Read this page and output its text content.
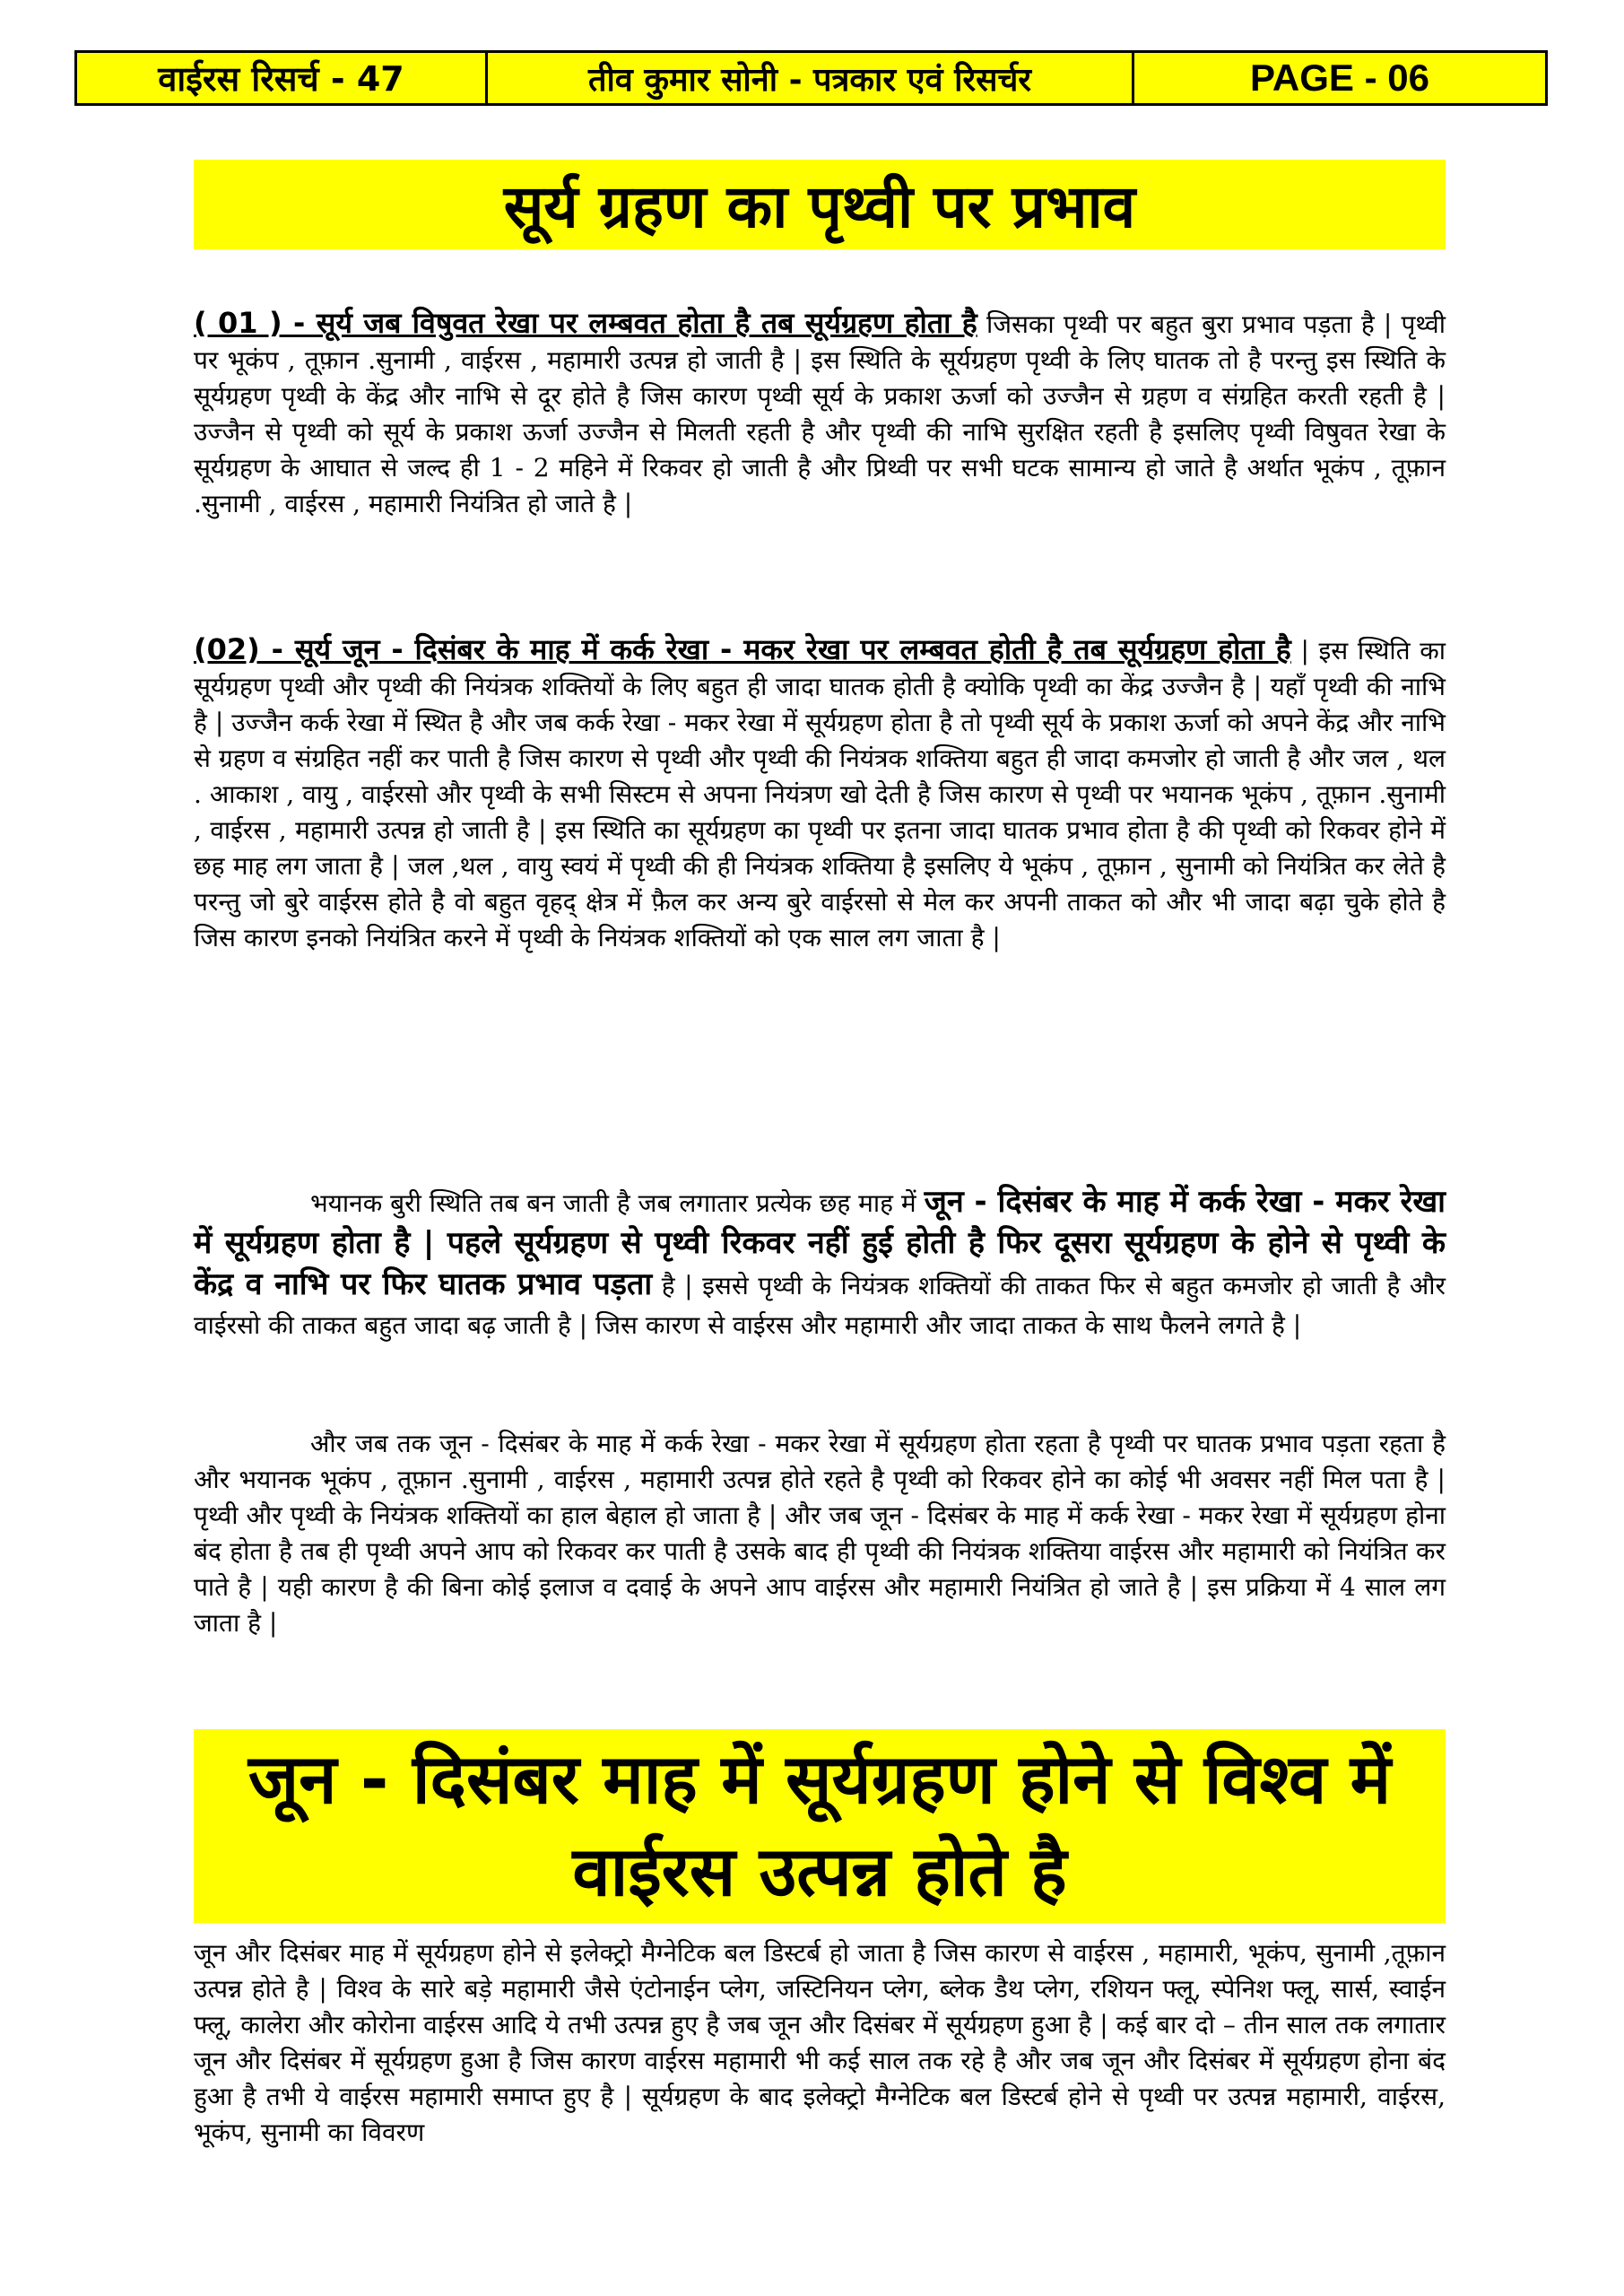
वाईरस रिसर्च - 47	तीव कुमार सोनी - पत्रकार एवं रिसर्चर	PAGE - 06
सूर्य ग्रहण का पृथ्वी पर प्रभाव

( 01 ) - सूर्य जब विषुवत रेखा पर लम्बवत होता है तब सूर्यग्रहण होता है जिसका पृथ्वी पर बहुत बुरा प्रभाव पड़ता है | पृथ्वी पर भूकंप , तूफ़ान .सुनामी , वाईरस , महामारी उत्पन्न हो जाती है | इस स्थिति के सूर्यग्रहण पृथ्वी के लिए घातक तो है परन्तु इस स्थिति के सूर्यग्रहण पृथ्वी के केंद्र और नाभि से दूर होते है जिस कारण पृथ्वी सूर्य के प्रकाश ऊर्जा को उज्जैन से ग्रहण व संग्रहित करती रहती है | उज्जैन से पृथ्वी को सूर्य के प्रकाश ऊर्जा उज्जैन से मिलती रहती है और पृथ्वी की नाभि सुरक्षित रहती है इसलिए पृथ्वी विषुवत रेखा के सूर्यग्रहण के आघात से जल्द ही 1 - 2 महिने में रिकवर हो जाती है और प्रिथ्वी पर सभी घटक सामान्य हो जाते है अर्थात भूकंप , तूफ़ान .सुनामी , वाईरस , महामारी नियंत्रित हो जाते है |

(02) - सूर्य जून - दिसंबर के माह में कर्क रेखा - मकर रेखा पर लम्बवत होती है तब सूर्यग्रहण होता है | इस स्थिति का सूर्यग्रहण पृथ्वी और पृथ्वी की नियंत्रक शक्तियों के लिए बहुत ही जादा घातक होती है क्योकि पृथ्वी का केंद्र उज्जैन है | यहाँ पृथ्वी की नाभि है | उज्जैन कर्क रेखा में स्थित है और जब कर्क रेखा - मकर रेखा में सूर्यग्रहण होता है तो पृथ्वी सूर्य के प्रकाश ऊर्जा को अपने केंद्र और नाभि से ग्रहण व संग्रहित नहीं कर पाती है जिस कारण से पृथ्वी और पृथ्वी की नियंत्रक शक्तिया बहुत ही जादा कमजोर हो जाती है और जल , थल . आकाश , वायु , वाईरसो और पृथ्वी के सभी सिस्टम से अपना नियंत्रण खो देती है जिस कारण से पृथ्वी पर भयानक भूकंप , तूफ़ान .सुनामी , वाईरस , महामारी उत्पन्न हो जाती है | इस स्थिति का सूर्यग्रहण का पृथ्वी पर इतना जादा घातक प्रभाव होता है की पृथ्वी को रिकवर होने में छह माह लग जाता है | जल ,थल , वायु स्वयं में पृथ्वी की ही नियंत्रक शक्तिया है इसलिए ये भूकंप , तूफ़ान , सुनामी को नियंत्रित कर लेते है परन्तु जो बुरे वाईरस होते है वो बहुत वृहद् क्षेत्र में फ़ैल कर अन्य बुरे वाईरसो से मेल कर अपनी ताकत को और भी जादा बढ़ा चुके होते है जिस कारण इनको नियंत्रित करने में पृथ्वी के नियंत्रक शक्तियों को एक साल लग जाता है |

भयानक बुरी स्थिति तब बन जाती है जब लगातार प्रत्येक छह माह में जून - दिसंबर के माह में कर्क रेखा - मकर रेखा में सूर्यग्रहण होता है | पहले सूर्यग्रहण से पृथ्वी रिकवर नहीं हुई होती है फिर दूसरा सूर्यग्रहण के होने से पृथ्वी के केंद्र व नाभि पर फिर घातक प्रभाव पड़ता है | इससे पृथ्वी के नियंत्रक शक्तियों की ताकत फिर से बहुत कमजोर हो जाती है और वाईरसो की ताकत बहुत जादा बढ़ जाती है | जिस कारण से वाईरस और महामारी और जादा ताकत के साथ फैलने लगते है |

और जब तक जून - दिसंबर के माह में कर्क रेखा - मकर रेखा में सूर्यग्रहण होता रहता है पृथ्वी पर घातक प्रभाव पड़ता रहता है और भयानक भूकंप , तूफ़ान .सुनामी , वाईरस , महामारी उत्पन्न होते रहते है पृथ्वी को रिकवर होने का कोई भी अवसर नहीं मिल पता है | पृथ्वी और पृथ्वी के नियंत्रक शक्तियों का हाल बेहाल हो जाता है | और जब जून - दिसंबर के माह में कर्क रेखा - मकर रेखा में सूर्यग्रहण होना बंद होता है तब ही पृथ्वी अपने आप को रिकवर कर पाती है उसके बाद ही पृथ्वी की नियंत्रक शक्तिया वाईरस और महामारी को नियंत्रित कर पाते है | यही कारण है की बिना कोई इलाज व दवाई के अपने आप वाईरस और महामारी नियंत्रित हो जाते है | इस प्रक्रिया में 4 साल लग जाता है |

जून - दिसंबर माह में सूर्यग्रहण होने से विश्व में वाईरस उत्पन्न होते है

जून और दिसंबर माह में सूर्यग्रहण होने से इलेक्ट्रो मैग्नेटिक बल डिस्टर्ब हो जाता है जिस कारण से वाईरस , महामारी, भूकंप, सुनामी ,तूफ़ान उत्पन्न होते है | विश्व के सारे बड़े महामारी जैसे एंटोनाईन प्लेग, जस्टिनियन प्लेग, ब्लेक डैथ प्लेग, रशियन फ्लू, स्पेनिश फ्लू, सार्स, स्वाईन फ्लू, कालेरा और कोरोना वाईरस आदि ये तभी उत्पन्न हुए है जब जून और दिसंबर में सूर्यग्रहण हुआ है | कई बार दो – तीन साल तक लगातार जून और दिसंबर में सूर्यग्रहण हुआ है जिस कारण वाईरस महामारी भी कई साल तक रहे है और जब जून और दिसंबर में सूर्यग्रहण होना बंद हुआ है तभी ये वाईरस महामारी समाप्त हुए है | सूर्यग्रहण के बाद इलेक्ट्रो मैग्नेटिक बल डिस्टर्ब होने से पृथ्वी पर उत्पन्न महामारी, वाईरस, भूकंप, सुनामी का विवरण
